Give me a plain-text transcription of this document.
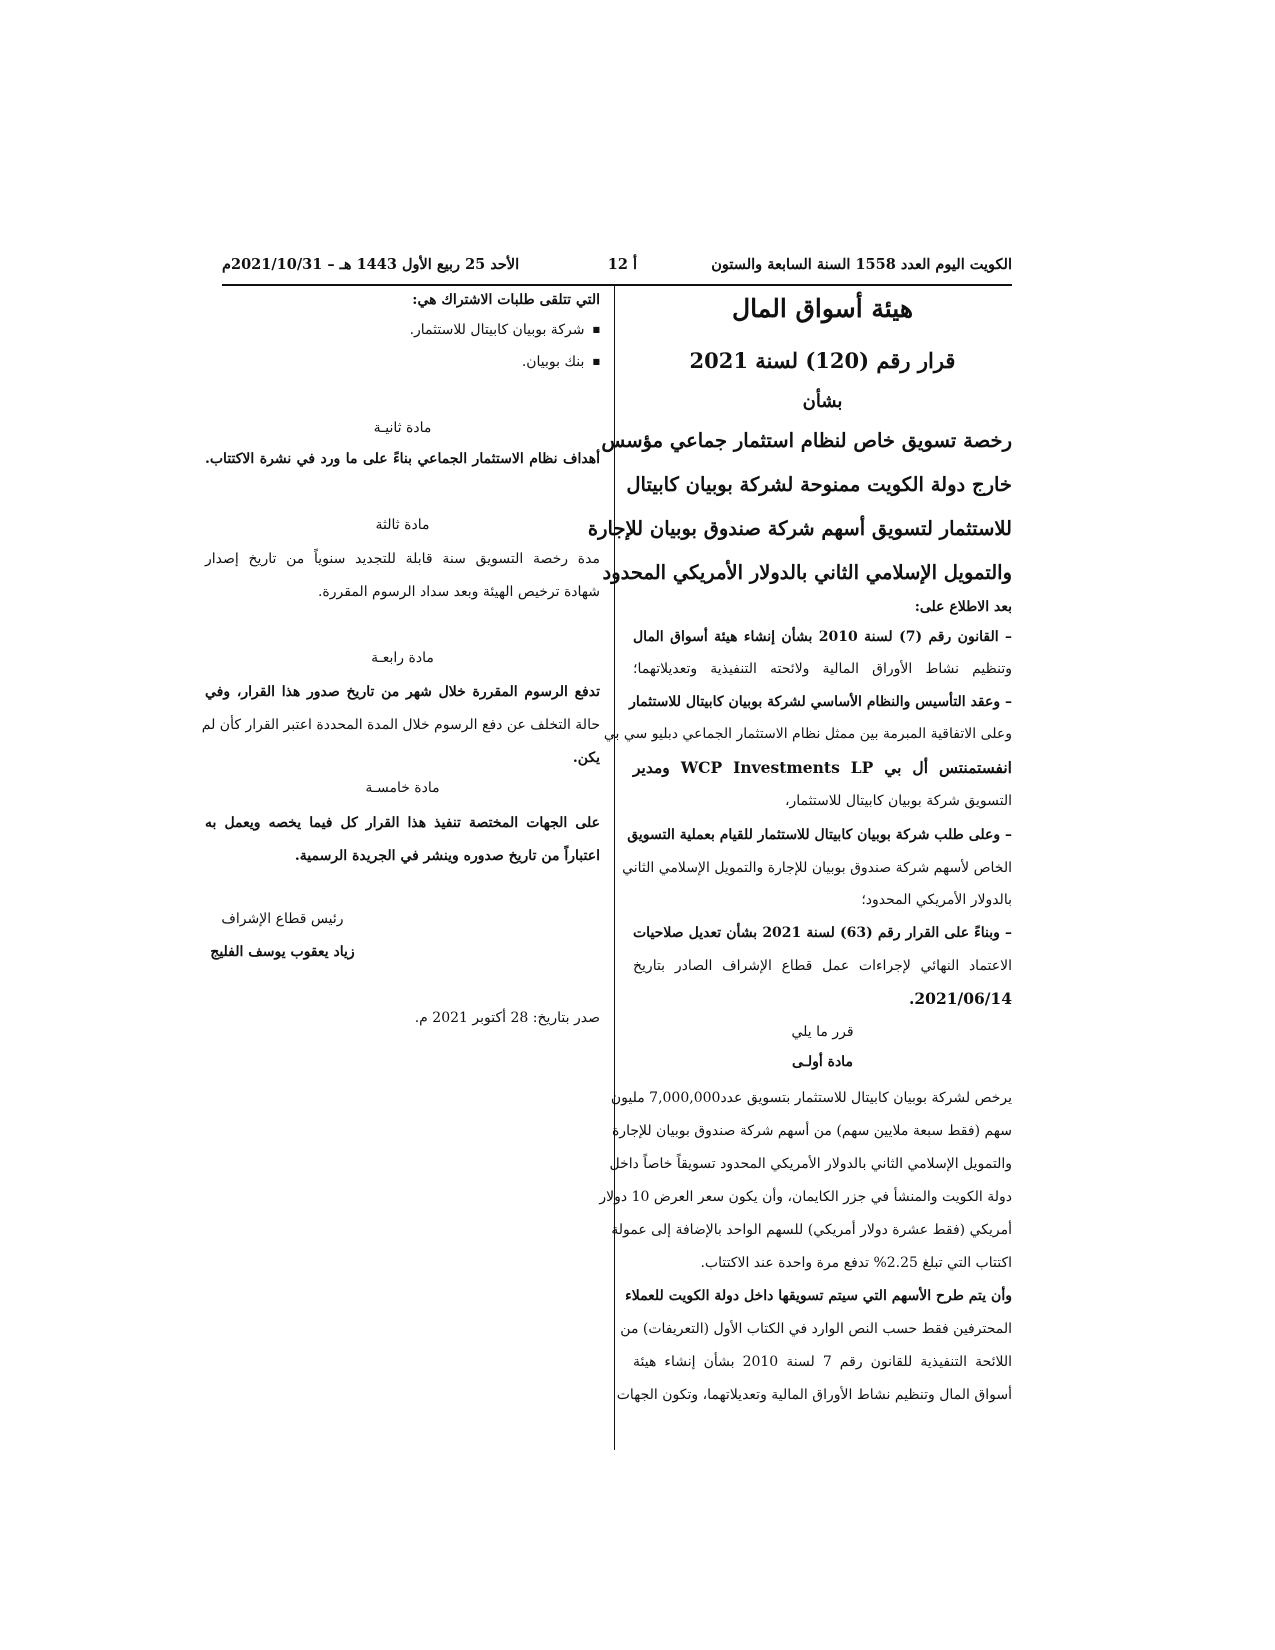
الكويت اليوم العدد 1558 السنة السابعة والستون
أ 12
الأحد 25 ربيع الأول 1443 هـ – 2021/10/31م
هيئة أسواق المال
قرار رقم (120) لسنة 2021
بشأن
رخصة تسويق خاص لنظام استثمار جماعي مؤسس
خارج دولة الكويت ممنوحة لشركة بوبيان كابيتال
للاستثمار لتسويق أسهم شركة صندوق بوبيان للإجارة
والتمويل الإسلامي الثاني بالدولار الأمريكي المحدود
بعد الاطلاع على:
– القانون رقم (7) لسنة 2010 بشأن إنشاء هيئة أسواق المال
وتنظيم نشاط الأوراق المالية ولائحته التنفيذية وتعديلاتهما؛
– وعقد التأسيس والنظام الأساسي لشركة بوبيان كابيتال للاستثمار
وعلى الاتفاقية المبرمة بين ممثل نظام الاستثمار الجماعي دبليو سي بي
انفستمنتس أل بي WCP Investments LP ومدير
التسويق شركة بوبيان كابيتال للاستثمار،
– وعلى طلب شركة بوبيان كابيتال للاستثمار للقيام بعملية التسويق
الخاص لأسهم شركة صندوق بوبيان للإجارة والتمويل الإسلامي الثاني
بالدولار الأمريكي المحدود؛
– وبناءً على القرار رقم (63) لسنة 2021 بشأن تعديل صلاحيات
الاعتماد النهائي لإجراءات عمل قطاع الإشراف الصادر بتاريخ
2021/06/14.
قرر ما يلي
مادة أولـى
يرخص لشركة بوبيان كابيتال للاستثمار بتسويق عدد7,000,000 مليون
سهم (فقط سبعة ملايين سهم) من أسهم شركة صندوق بوبيان للإجارة
والتمويل الإسلامي الثاني بالدولار الأمريكي المحدود تسويقاً خاصاً داخل
دولة الكويت والمنشأ في جزر الكايمان، وأن يكون سعر العرض 10 دولار
أمريكي (فقط عشرة دولار أمريكي) للسهم الواحد بالإضافة إلى عمولة
اكتتاب التي تبلغ 2.25% تدفع مرة واحدة عند الاكتتاب.
وأن يتم طرح الأسهم التي سيتم تسويقها داخل دولة الكويت للعملاء
المحترفين فقط حسب النص الوارد في الكتاب الأول (التعريفات) من
اللائحة التنفيذية للقانون رقم 7 لسنة 2010 بشأن إنشاء هيئة
أسواق المال وتنظيم نشاط الأوراق المالية وتعديلاتهما، وتكون الجهات
التي تتلقى طلبات الاشتراك هي:
■ شركة بوبيان كابيتال للاستثمار.
■ بنك بوبيان.
مادة ثانيـة
أهداف نظام الاستثمار الجماعي بناءً على ما ورد في نشرة الاكتتاب.
مادة ثالثة
مدة رخصة التسويق سنة قابلة للتجديد سنوياً من تاريخ إصدار
شهادة ترخيص الهيئة وبعد سداد الرسوم المقررة.
مادة رابعـة
تدفع الرسوم المقررة خلال شهر من تاريخ صدور هذا القرار، وفي
حالة التخلف عن دفع الرسوم خلال المدة المحددة اعتبر القرار كأن لم
يكن.
مادة خامسـة
على الجهات المختصة تنفيذ هذا القرار كل فيما يخصه ويعمل به
اعتباراً من تاريخ صدوره وينشر في الجريدة الرسمية.
رئيس قطاع الإشراف
زياد يعقوب يوسف الفليج
صدر بتاريخ: 28 أكتوبر 2021 م.
